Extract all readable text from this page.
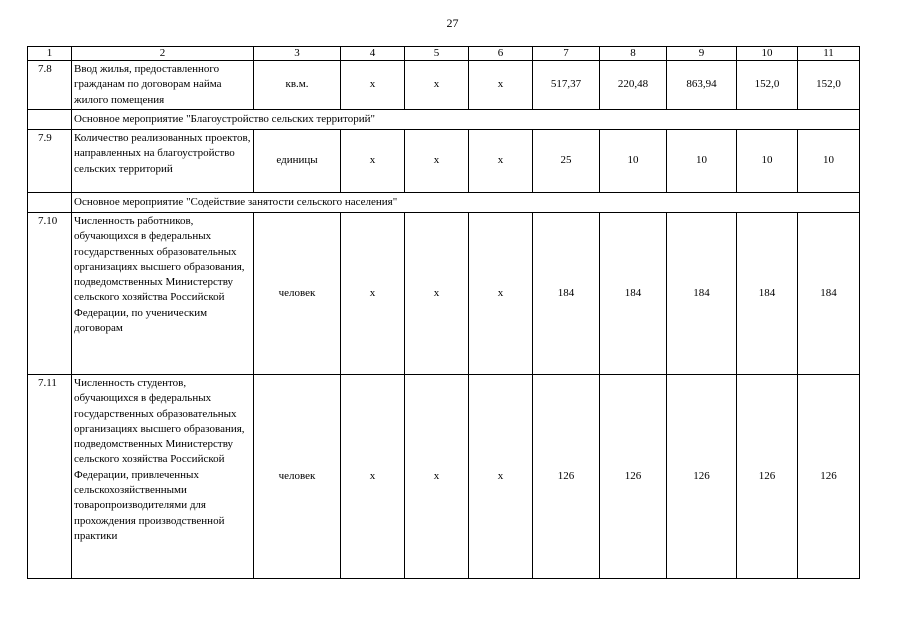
27
1	2	3	4	5	6	7	8	9	10	11
7.8	Ввод жилья, предоставленного гражданам по договорам найма жилого помещения	кв.м.	х	х	х	517,37	220,48	863,94	152,0	152,0
	Основное мероприятие "Благоустройство сельских территорий"									
7.9	Количество реализованных проектов, направленных на благоустройство сельских территорий	единицы	х	х	х	25	10	10	10	10
	Основное мероприятие "Содействие занятости сельского населения"									
7.10	Численность работников, обучающихся в федеральных государственных образовательных организациях высшего образования, подведомственных Министерству сельского хозяйства Российской Федерации, по ученическим договорам	человек	х	х	х	184	184	184	184	184
7.11	Численность студентов, обучающихся в федеральных государственных образовательных организациях высшего образования, подведомственных Министерству сельского хозяйства Российской Федерации, привлеченных сельскохозяйственными товаропроизводителями для прохождения производственной практики	человек	х	х	х	126	126	126	126	126
